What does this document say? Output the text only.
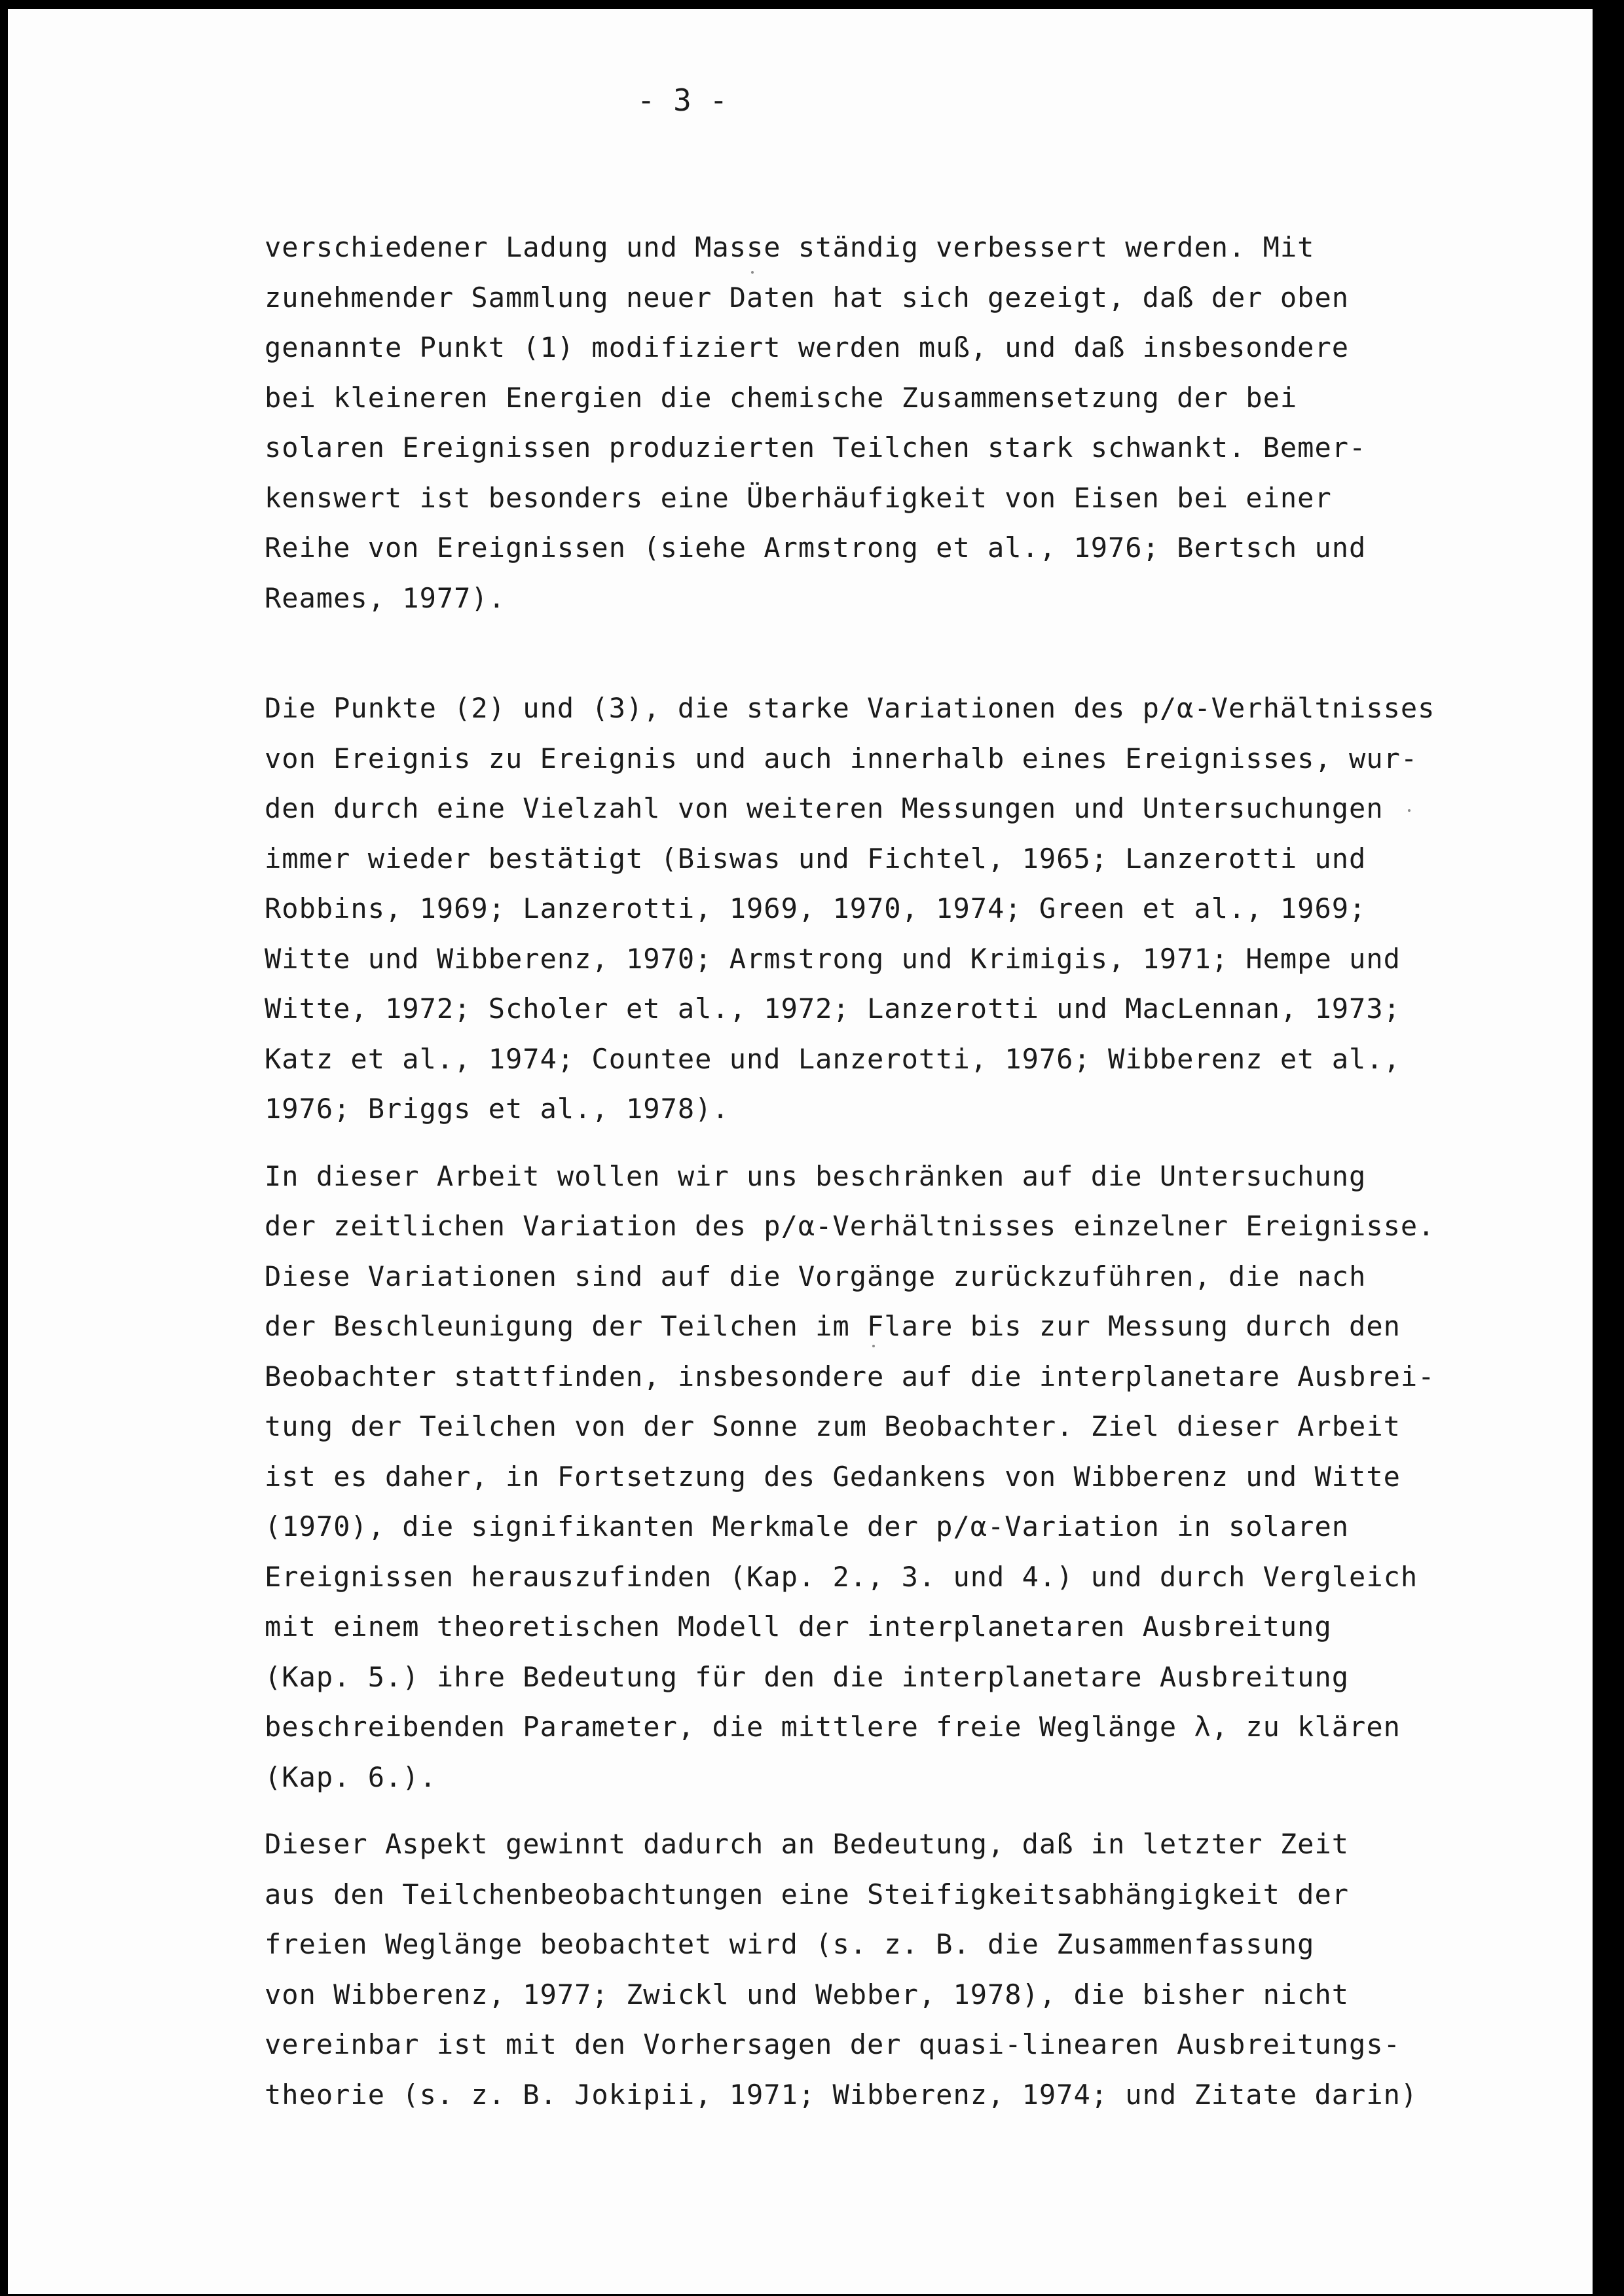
- 3 -
verschiedener Ladung und Masse ständig verbessert werden. Mit
zunehmender Sammlung neuer Daten hat sich gezeigt, daß der oben
genannte Punkt (1) modifiziert werden muß, und daß insbesondere
bei kleineren Energien die chemische Zusammensetzung der bei
solaren Ereignissen produzierten Teilchen stark schwankt. Bemer-
kenswert ist besonders eine Überhäufigkeit von Eisen bei einer
Reihe von Ereignissen (siehe Armstrong et al., 1976; Bertsch und
Reames, 1977).
Die Punkte (2) und (3), die starke Variationen des p/α-Verhältnisses
von Ereignis zu Ereignis und auch innerhalb eines Ereignisses, wur-
den durch eine Vielzahl von weiteren Messungen und Untersuchungen
immer wieder bestätigt (Biswas und Fichtel, 1965; Lanzerotti und
Robbins, 1969; Lanzerotti, 1969, 1970, 1974; Green et al., 1969;
Witte und Wibberenz, 1970; Armstrong und Krimigis, 1971; Hempe und
Witte, 1972; Scholer et al., 1972; Lanzerotti und MacLennan, 1973;
Katz et al., 1974; Countee und Lanzerotti, 1976; Wibberenz et al.,
1976; Briggs et al., 1978).
In dieser Arbeit wollen wir uns beschränken auf die Untersuchung
der zeitlichen Variation des p/α-Verhältnisses einzelner Ereignisse.
Diese Variationen sind auf die Vorgänge zurückzuführen, die nach
der Beschleunigung der Teilchen im Flare bis zur Messung durch den
Beobachter stattfinden, insbesondere auf die interplanetare Ausbrei-
tung der Teilchen von der Sonne zum Beobachter. Ziel dieser Arbeit
ist es daher, in Fortsetzung des Gedankens von Wibberenz und Witte
(1970), die signifikanten Merkmale der p/α-Variation in solaren
Ereignissen herauszufinden (Kap. 2., 3. und 4.) und durch Vergleich
mit einem theoretischen Modell der interplanetaren Ausbreitung
(Kap. 5.) ihre Bedeutung für den die interplanetare Ausbreitung
beschreibenden Parameter, die mittlere freie Weglänge λ, zu klären
(Kap. 6.).
Dieser Aspekt gewinnt dadurch an Bedeutung, daß in letzter Zeit
aus den Teilchenbeobachtungen eine Steifigkeitsabhängigkeit der
freien Weglänge beobachtet wird (s. z. B. die Zusammenfassung
von Wibberenz, 1977; Zwickl und Webber, 1978), die bisher nicht
vereinbar ist mit den Vorhersagen der quasi-linearen Ausbreitungs-
theorie (s. z. B. Jokipii, 1971; Wibberenz, 1974; und Zitate darin)
